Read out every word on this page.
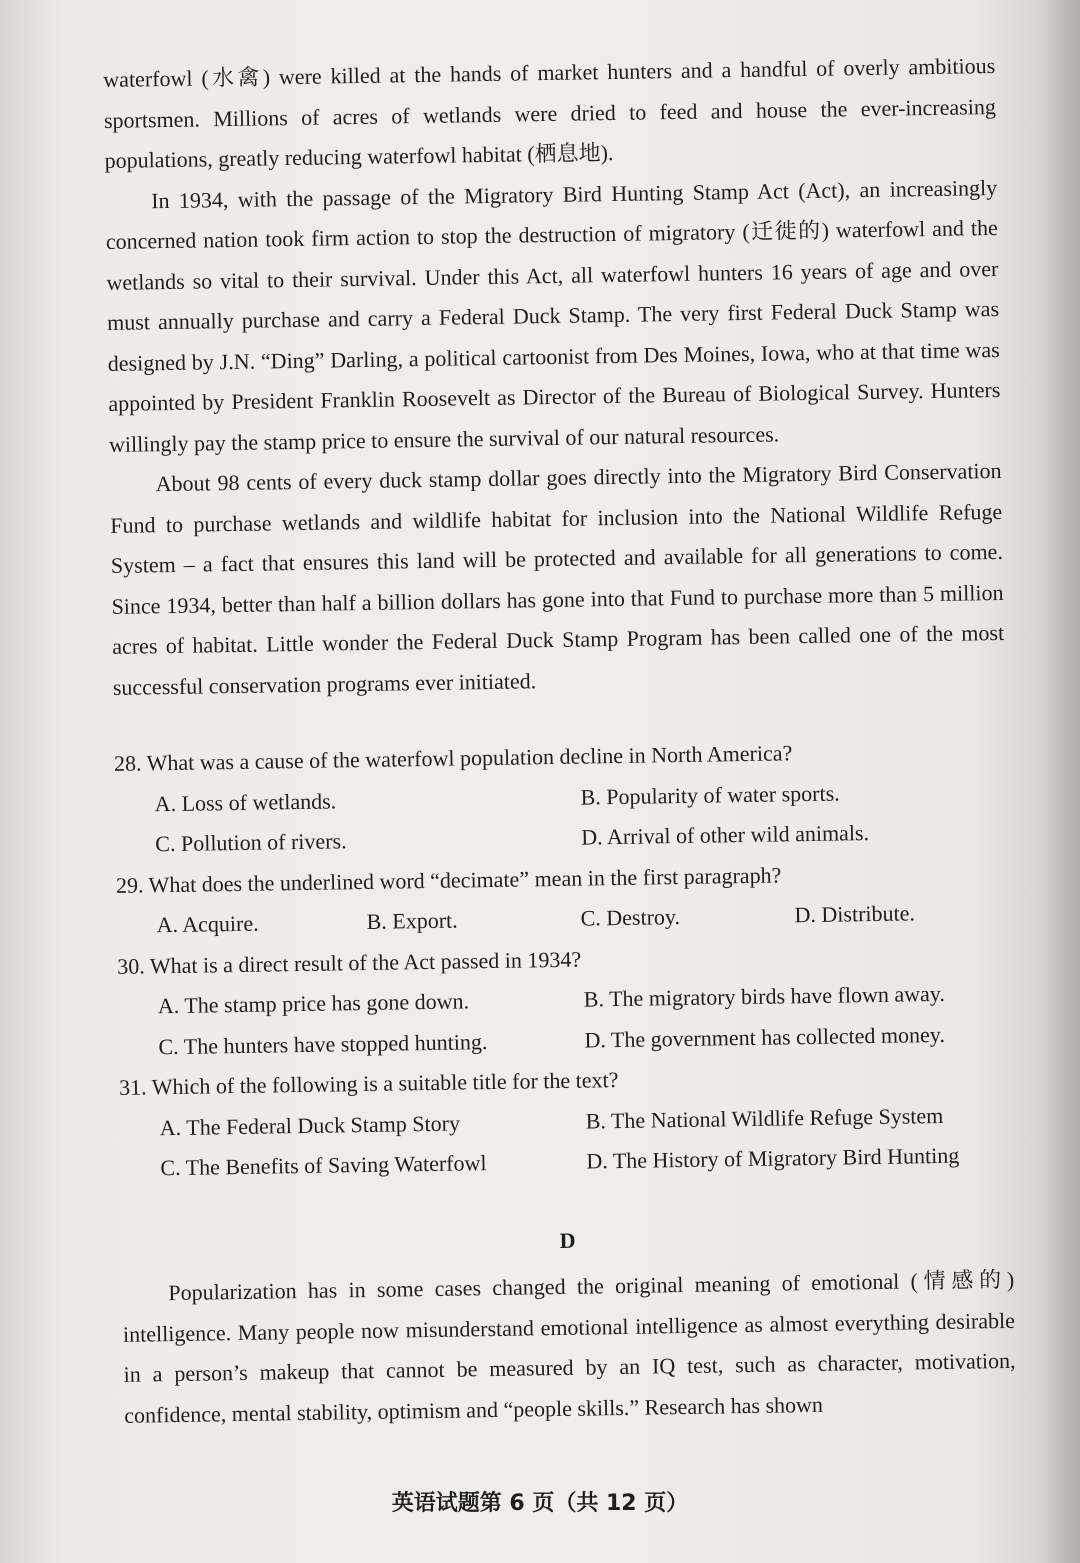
waterfowl (水禽) were killed at the hands of market hunters and a handful of overly ambitious sportsmen. Millions of acres of wetlands were dried to feed and house the ever-increasing populations, greatly reducing waterfowl habitat (栖息地).

In 1934, with the passage of the Migratory Bird Hunting Stamp Act (Act), an increasingly concerned nation took firm action to stop the destruction of migratory (迁徙的) waterfowl and the wetlands so vital to their survival. Under this Act, all waterfowl hunters 16 years of age and over must annually purchase and carry a Federal Duck Stamp. The very first Federal Duck Stamp was designed by J.N. “Ding” Darling, a political cartoonist from Des Moines, Iowa, who at that time was appointed by President Franklin Roosevelt as Director of the Bureau of Biological Survey. Hunters willingly pay the stamp price to ensure the survival of our natural resources.

About 98 cents of every duck stamp dollar goes directly into the Migratory Bird Conservation Fund to purchase wetlands and wildlife habitat for inclusion into the National Wildlife Refuge System – a fact that ensures this land will be protected and available for all generations to come. Since 1934, better than half a billion dollars has gone into that Fund to purchase more than 5 million acres of habitat. Little wonder the Federal Duck Stamp Program has been called one of the most successful conservation programs ever initiated.

28. What was a cause of the waterfowl population decline in North America?
A. Loss of wetlands.	B. Popularity of water sports.
C. Pollution of rivers.	D. Arrival of other wild animals.
29. What does the underlined word “decimate” mean in the first paragraph?
A. Acquire.	B. Export.	C. Destroy.	D. Distribute.
30. What is a direct result of the Act passed in 1934?
A. The stamp price has gone down.	B. The migratory birds have flown away.
C. The hunters have stopped hunting.	D. The government has collected money.
31. Which of the following is a suitable title for the text?
A. The Federal Duck Stamp Story	B. The National Wildlife Refuge System
C. The Benefits of Saving Waterfowl	D. The History of Migratory Bird Hunting
D

Popularization has in some cases changed the original meaning of emotional (情感的) intelligence. Many people now misunderstand emotional intelligence as almost everything desirable in a person’s makeup that cannot be measured by an IQ test, such as character, motivation, confidence, mental stability, optimism and “people skills.” Research has shown

英语试题第 6 页（共 12 页）
